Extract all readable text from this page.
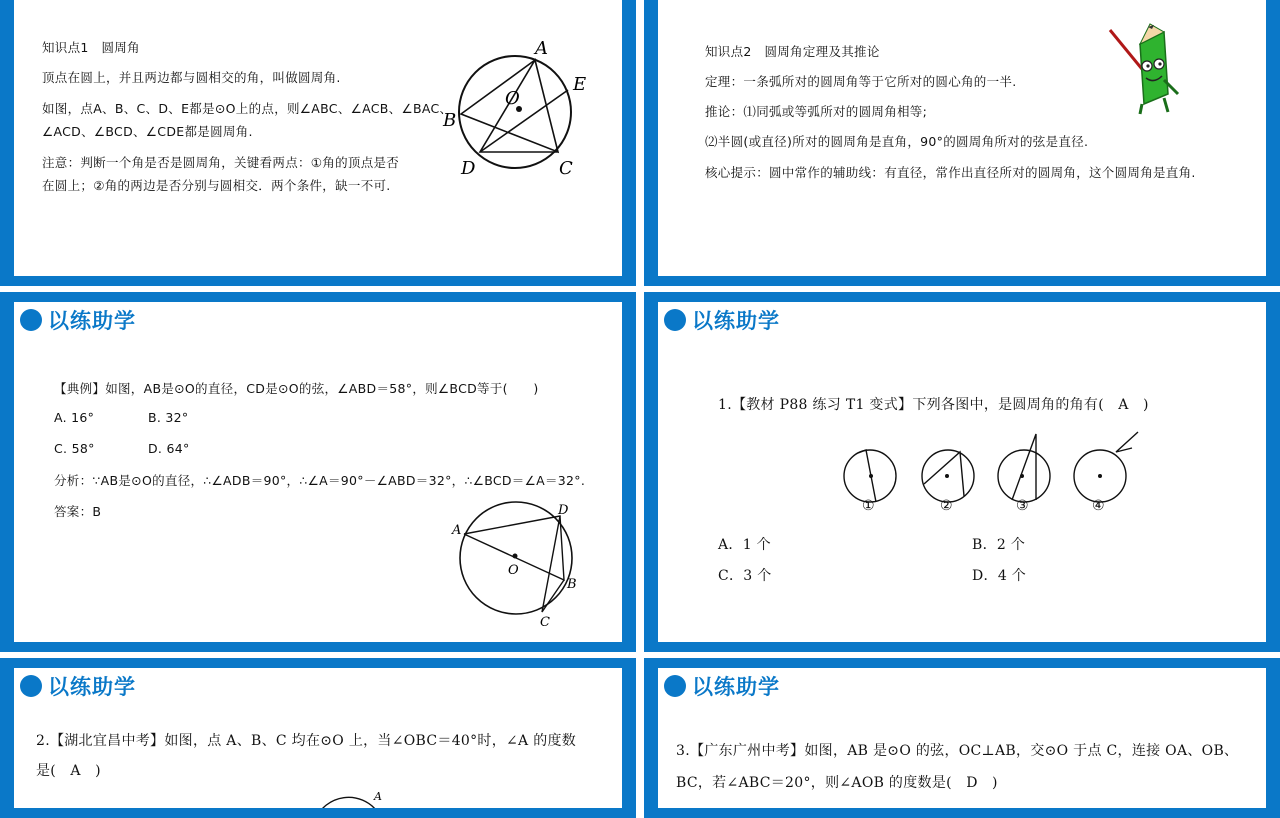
知识点1　圆周角
顶点在圆上，并且两边都与圆相交的角，叫做圆周角.
如图，点A、B、C、D、E都是⊙O上的点，则∠ABC、∠ACB、∠BAC、
∠ACD、∠BCD、∠CDE都是圆周角.
注意：判断一个角是否是圆周角，关键看两点：①角的顶点是否
在圆上；②角的两边是否分别与圆相交．两个条件，缺一不可.
A
E
B
O
D	C
知识点2　圆周角定理及其推论
定理：一条弧所对的圆周角等于它所对的圆心角的一半.
推论：⑴同弧或等弧所对的圆周角相等;
⑵半圆(或直径)所对的圆周角是直角，90°的圆周角所对的弦是直径.
核心提示：圆中常作的辅助线：有直径，常作出直径所对的圆周角，这个圆周角是直角.
以练助学
【典例】如图，AB是⊙O的直径，CD是⊙O的弦，∠ABD＝58°，则∠BCD等于(　　)
A. 16°	B. 32°
C. 58°	D. 64°
分析：∵AB是⊙O的直径，∴∠ADB＝90°，∴∠A＝90°－∠ABD＝32°，∴∠BCD＝∠A＝32°.
答案：B
A
D
O
B
C
以练助学
1.【教材 P88 练习 T1 变式】下列各图中，是圆周角的角有(　A　)
①	②	③	④
A．1 个	B．2 个
C．3 个	D．4 个
以练助学
2.【湖北宜昌中考】如图，点 A、B、C 均在⊙O 上，当∠OBC＝40°时，∠A 的度数
是(　A　)
A
以练助学
3.【广东广州中考】如图，AB 是⊙O 的弦，OC⊥AB，交⊙O 于点 C，连接 OA、OB、
BC，若∠ABC＝20°，则∠AOB 的度数是(　D　)
